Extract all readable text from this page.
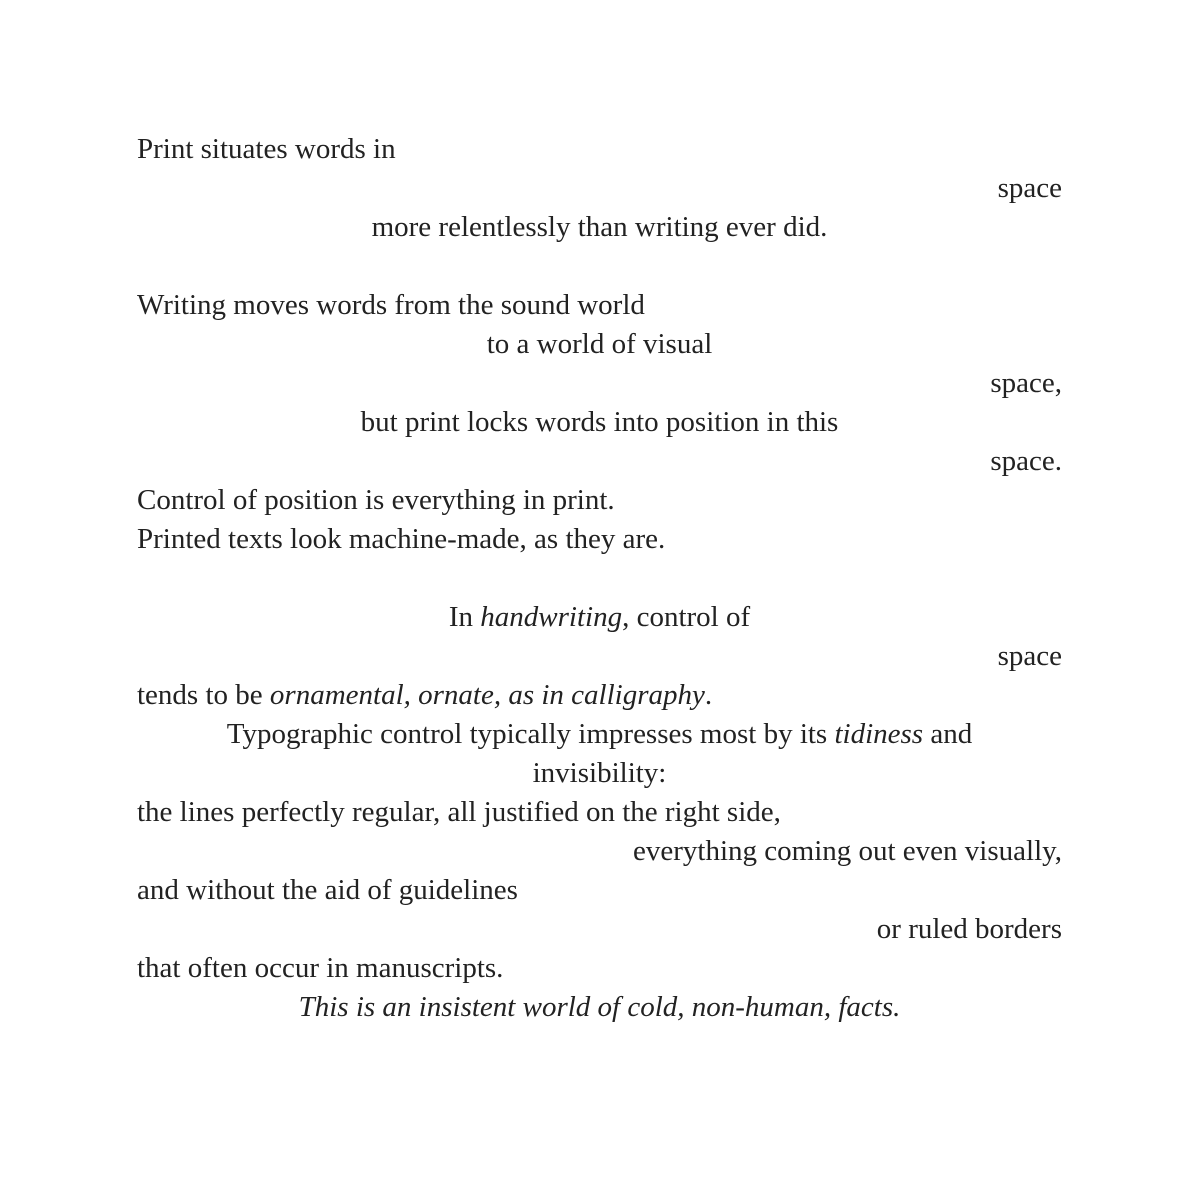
Print situates words in
space
more relentlessly than writing ever did.
Writing moves words from the sound world
to a world of visual
space,
but print locks words into position in this
space.
Control of position is everything in print.
Printed texts look machine-made, as they are.
In handwriting, control of
space
tends to be ornamental, ornate, as in calligraphy.
Typographic control typically impresses most by its tidiness and
invisibility:
the lines perfectly regular, all justified on the right side,
everything coming out even visually,
and without the aid of guidelines
or ruled borders
that often occur in manuscripts.
This is an insistent world of cold, non-human, facts.
